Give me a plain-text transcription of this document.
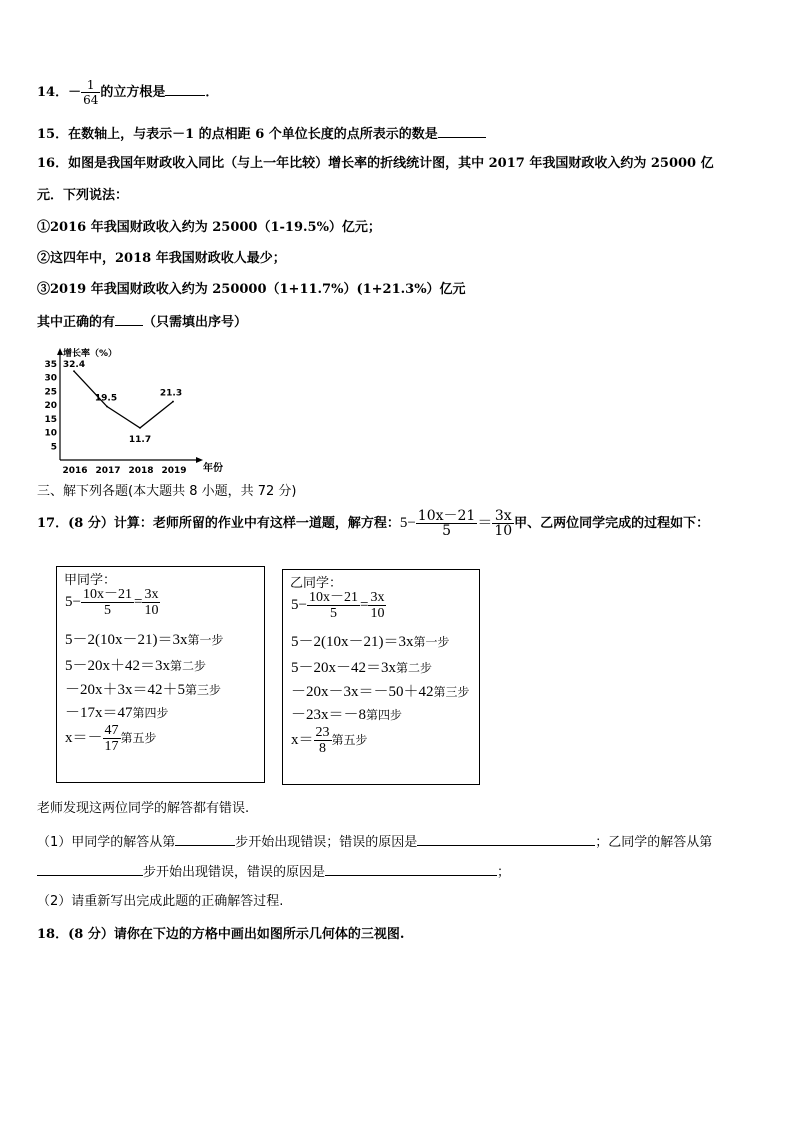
14．－ $\frac{1}{64}$ 的立方根是	．
15．在数轴上，与表示－1 的点相距 6 个单位长度的点所表示的数是
16．如图是我国年财政收入同比（与上一年比较）增长率的折线统计图，其中 2017 年我国财政收入约为 25000 亿
元．下列说法：
①2016 年我国财政收入约为 25000（1-19.5%）亿元；
②这四年中，2018 年我国财政收人最少；
③2019 年我国财政收入约为 250000（1+11.7%）(1+21.3%）亿元
其中正确的有 （只需填出序号）
增长率（%）
年份
5
10
15
20
25
30
35
2016 2017 2018 2019
32.4
19.5
11.7
21.3
三、解下列各题(本大题共 8 小题，共 72 分)
17．(8 分）计算：老师所留的作业中有这样一道题，解方程：$5- \frac{10x-21}{5} = \frac{3x}{10}$ 甲、乙两位同学完成的过程如下：
甲同学：
$5- \frac{10x-21}{5} = \frac{3x}{10}$
5－2(10x－21)＝3x第一步
5－20x＋42＝3x第二步
－20x＋3x＝42＋5第三步
－17x＝47第四步
$x=- \frac{47}{17}$ 第五步
乙同学：
$5- \frac{10x-21}{5} = \frac{3x}{10}$
5－2(10x－21)＝3x第一步
5－20x－42＝3x第二步
－20x－3x＝－50＋42第三步
－23x＝－8第四步
$x= \frac{23}{8}$ 第五步
老师发现这两位同学的解答都有错误.
（1）甲同学的解答从第	步开始出现错误；错误的原因是	；乙同学的解答从第
步开始出现错误，错误的原因是	；
（2）请重新写出完成此题的正确解答过程.
18．(8 分）请你在下边的方格中画出如图所示几何体的三视图.
